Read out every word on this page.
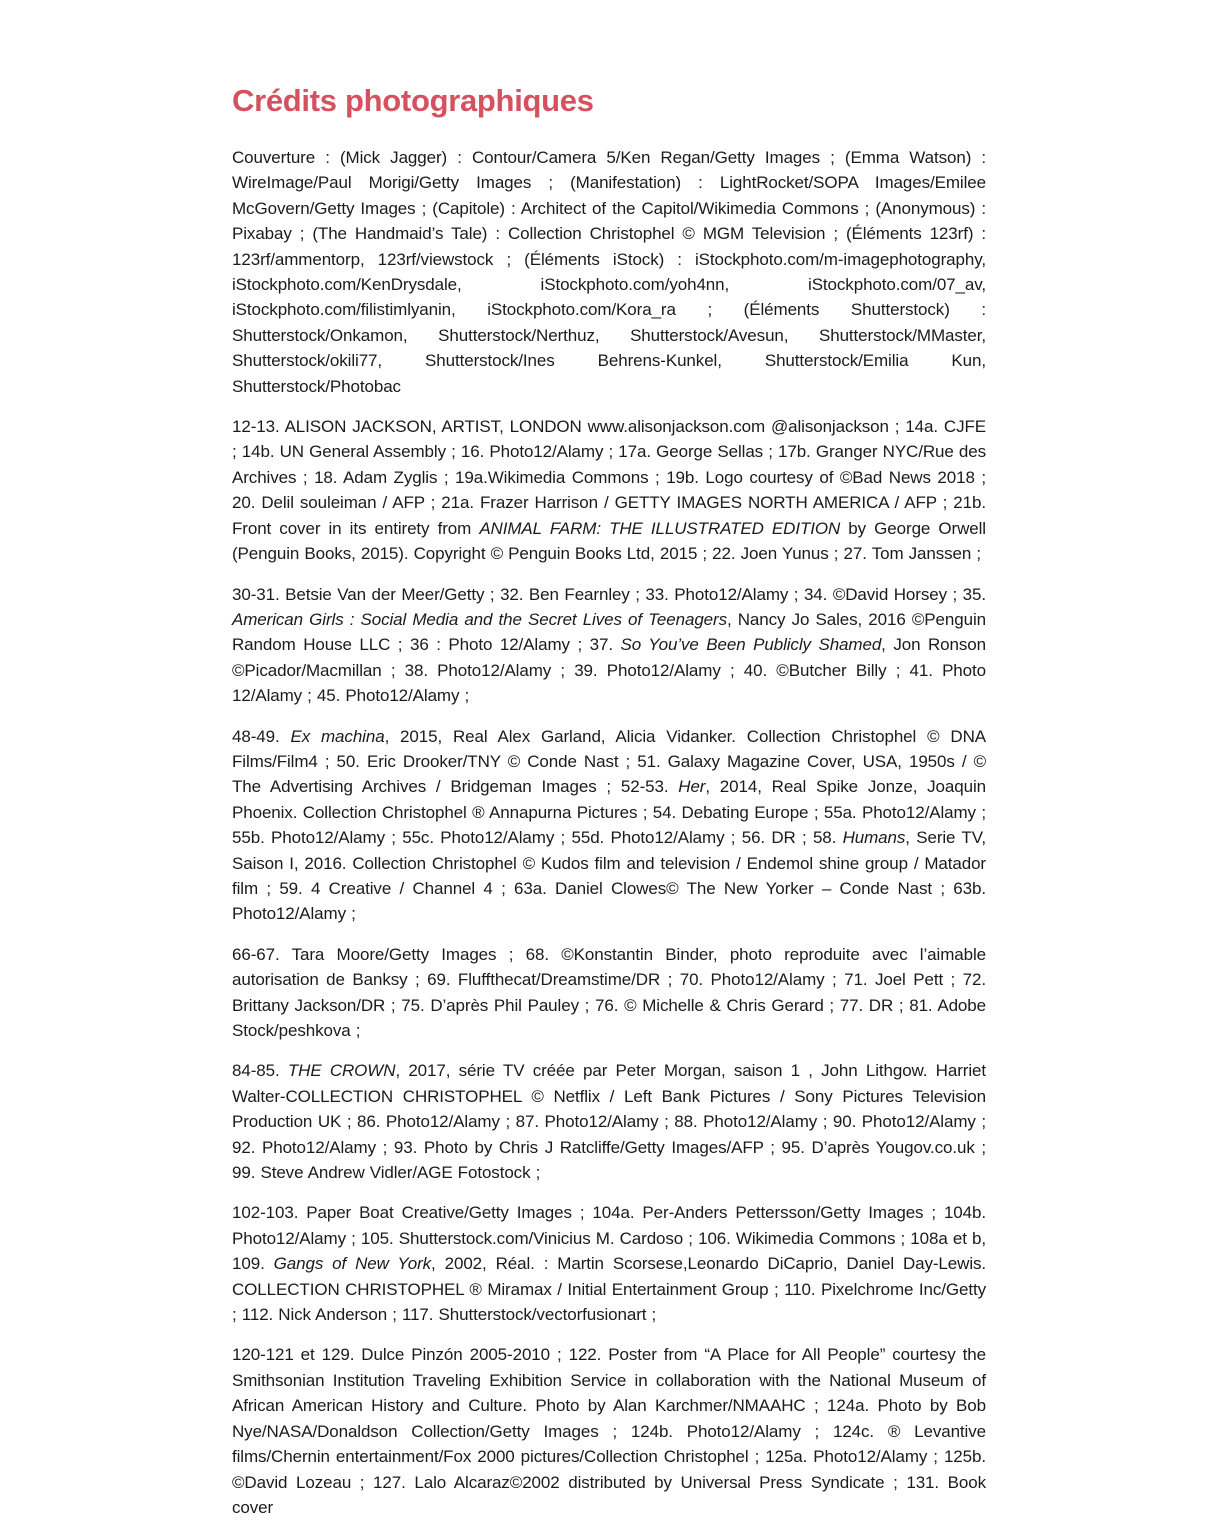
Crédits photographiques

Couverture : (Mick Jagger) : Contour/Camera 5/Ken Regan/Getty Images ; (Emma Watson) : WireImage/Paul Morigi/Getty Images ; (Manifestation) : LightRocket/SOPA Images/Emilee McGovern/Getty Images ; (Capitole) : Architect of the Capitol/Wikimedia Commons ; (Anonymous) : Pixabay ; (The Handmaid’s Tale) : Collection Christophel © MGM Television ; (Éléments 123rf) : 123rf/ammentorp, 123rf/viewstock ; (Éléments iStock) : iStockphoto.com/m-imagephotography, iStockphoto.com/KenDrysdale, iStockphoto.com/yoh4nn, iStockphoto.com/07_av, iStockphoto.com/filistimlyanin, iStockphoto.com/Kora_ra ; (Éléments Shutterstock) : Shutterstock/Onkamon, Shutterstock/Nerthuz, Shutterstock/Avesun, Shutterstock/MMaster, Shutterstock/okili77, Shutterstock/Ines Behrens-Kunkel, Shutterstock/Emilia Kun, Shutterstock/Photobac

12-13. ALISON JACKSON, ARTIST, LONDON www.alisonjackson.com @alisonjackson ; 14a. CJFE ; 14b. UN General Assembly ; 16. Photo12/Alamy ; 17a. George Sellas ; 17b. Granger NYC/Rue des Archives ; 18. Adam Zyglis ; 19a.Wikimedia Commons ; 19b. Logo courtesy of ©Bad News 2018 ; 20. Delil souleiman / AFP ; 21a. Frazer Harrison / GETTY IMAGES NORTH AMERICA / AFP ; 21b. Front cover in its entirety from ANIMAL FARM: THE ILLUSTRATED EDITION by George Orwell (Penguin Books, 2015). Copyright © Penguin Books Ltd, 2015 ; 22. Joen Yunus ; 27. Tom Janssen ;

30-31. Betsie Van der Meer/Getty ; 32. Ben Fearnley ; 33. Photo12/Alamy ; 34. ©David Horsey ; 35. American Girls : Social Media and the Secret Lives of Teenagers, Nancy Jo Sales, 2016 ©Penguin Random House LLC ; 36 : Photo 12/Alamy ; 37. So You’ve Been Publicly Shamed, Jon Ronson ©Picador/Macmillan ; 38. Photo12/Alamy ; 39. Photo12/Alamy ; 40. ©Butcher Billy ; 41. Photo 12/Alamy ; 45. Photo12/Alamy ;

48-49. Ex machina, 2015, Real Alex Garland, Alicia Vidanker. Collection Christophel © DNA Films/Film4 ; 50. Eric Drooker/TNY © Conde Nast ; 51. Galaxy Magazine Cover, USA, 1950s / © The Advertising Archives / Bridgeman Images ; 52-53. Her, 2014, Real Spike Jonze, Joaquin Phoenix. Collection Christophel ® Annapurna Pictures ; 54. Debating Europe ; 55a. Photo12/Alamy ; 55b. Photo12/Alamy ; 55c. Photo12/Alamy ; 55d. Photo12/Alamy ; 56. DR ; 58. Humans, Serie TV, Saison I, 2016. Collection Christophel © Kudos film and television / Endemol shine group / Matador film ; 59. 4 Creative / Channel 4 ; 63a. Daniel Clowes© The New Yorker – Conde Nast ; 63b. Photo12/Alamy ;

66-67. Tara Moore/Getty Images ; 68. ©Konstantin Binder, photo reproduite avec l’aimable autorisation de Banksy ; 69. Fluffthecat/Dreamstime/DR ; 70. Photo12/Alamy ; 71. Joel Pett ; 72. Brittany Jackson/DR ; 75. D’après Phil Pauley ; 76. © Michelle & Chris Gerard ; 77. DR ; 81. Adobe Stock/peshkova ;

84-85. THE CROWN, 2017, série TV créée par Peter Morgan, saison 1 , John Lithgow. Harriet Walter-COLLECTION CHRISTOPHEL © Netflix / Left Bank Pictures / Sony Pictures Television Production UK ; 86. Photo12/Alamy ; 87. Photo12/Alamy ; 88. Photo12/Alamy ; 90. Photo12/Alamy ; 92. Photo12/Alamy ; 93. Photo by Chris J Ratcliffe/Getty Images/AFP ; 95. D’après Yougov.co.uk ; 99. Steve Andrew Vidler/AGE Fotostock ;

102-103. Paper Boat Creative/Getty Images ; 104a. Per-Anders Pettersson/Getty Images ; 104b. Photo12/Alamy ; 105. Shutterstock.com/Vinicius M. Cardoso ; 106. Wikimedia Commons ; 108a et b, 109. Gangs of New York, 2002, Réal. : Martin Scorsese,Leonardo DiCaprio, Daniel Day-Lewis. COLLECTION CHRISTOPHEL ® Miramax / Initial Entertainment Group ; 110. Pixelchrome Inc/Getty ; 112. Nick Anderson ; 117. Shutterstock/vectorfusionart ;

120-121 et 129. Dulce Pinzón 2005-2010 ; 122. Poster from “A Place for All People” courtesy the Smithsonian Institution Traveling Exhibition Service in collaboration with the National Museum of African American History and Culture. Photo by Alan Karchmer/NMAAHC ; 124a. Photo by Bob Nye/NASA/Donaldson Collection/Getty Images ; 124b. Photo12/Alamy ; 124c. ® Levantive films/Chernin entertainment/Fox 2000 pictures/Collection Christophel ; 125a. Photo12/Alamy ; 125b. ©David Lozeau ; 127. Lalo Alcaraz©2002 distributed by Universal Press Syndicate ; 131. Book cover
